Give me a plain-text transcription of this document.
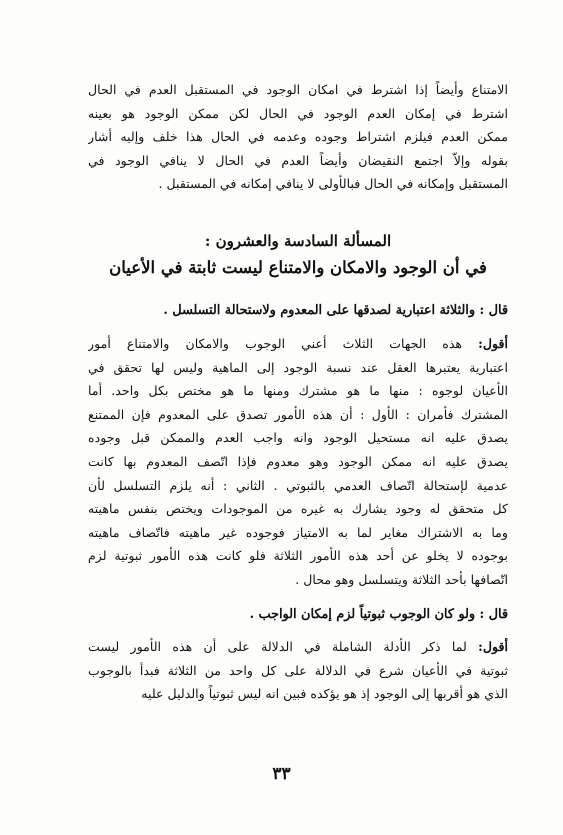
الامتناع وأيضاً إذا اشترط في امكان الوجود في المستقبل العدم في الحال
اشترط في إمكان العدم الوجود في الحال لكن ممكن الوجود هو بعينه
ممكن العدم فيلزم اشتراط وجوده وعدمه في الحال هذا خلف وإليه أشار
بقوله وإلاّ اجتمع النقيضان وأيضاً العدم في الحال لا ينافي الوجود في
المستقبل وإمكانه في الحال فبالأولى لا ينافي إمكانه في المستقبل .
المسألة السادسة والعشرون :
في أن الوجود والامكان والامتناع ليست ثابتة في الأعيان
قال : والثلاثة اعتبارية لصدقها على المعدوم ولاستحالة التسلسل .
أقول: هذه الجهات الثلاث أعني الوجوب والامكان والامتناع أمور
اعتبارية يعتبرها العقل عند نسبة الوجود إلى الماهية وليس لها تحقق في
الأعيان لوجوه : منها ما هو مشترك ومنها ما هو مختص بكل واحد. أما
المشترك فأمران : الأول : أن هذه الأمور تصدق على المعدوم فإن الممتنع
يصدق عليه انه مستحيل الوجود وانه واجب العدم والممكن قبل وجوده
يصدق عليه انه ممكن الوجود وهو معدوم فإذا اتّصف المعدوم بها كانت
عدمية لإستحالة اتّصاف العدمي بالثبوتي . الثاني : أنه يلزم التسلسل لأن
كل متحقق له وجود يشارك به غيره من الموجودات ويختص بنفس ماهيته
وما به الاشتراك مغاير لما به الامتياز فوجوده غير ماهيته فاتّصاف ماهيته
بوجوده لا يخلو عن أحد هذه الأمور الثلاثة فلو كانت هذه الأمور ثبوتية لزم
اتّصافها بأحد الثلاثة ويتسلسل وهو محال .
قال : ولو كان الوجوب ثبوتياً لزم إمكان الواجب .
أقول: لما ذكر الأدلة الشاملة في الدلالة على أن هذه الأمور ليست
ثبوتية في الأعيان شرع في الدلالة على كل واحد من الثلاثة فبدأ بالوجوب
الذي هو أقربها إلى الوجود إذ هو يؤكده فبين انه ليس ثبوتياً والدليل عليه
٣٣
